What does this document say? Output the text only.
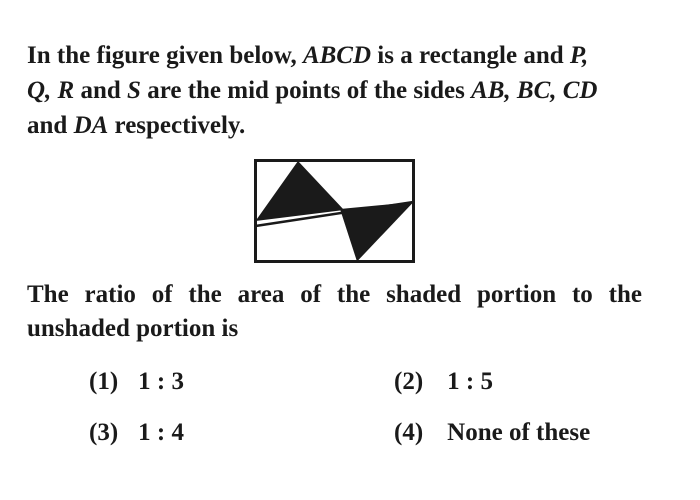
In the figure given below, ABCD is a rectangle and P,
Q, R and S are the mid points of the sides AB, BC, CD
and DA respectively.
The ratio of the area of the shaded portion to the
unshaded portion is
(1) 1 : 3	(2) 1 : 5
(3) 1 : 4	(4) None of these
